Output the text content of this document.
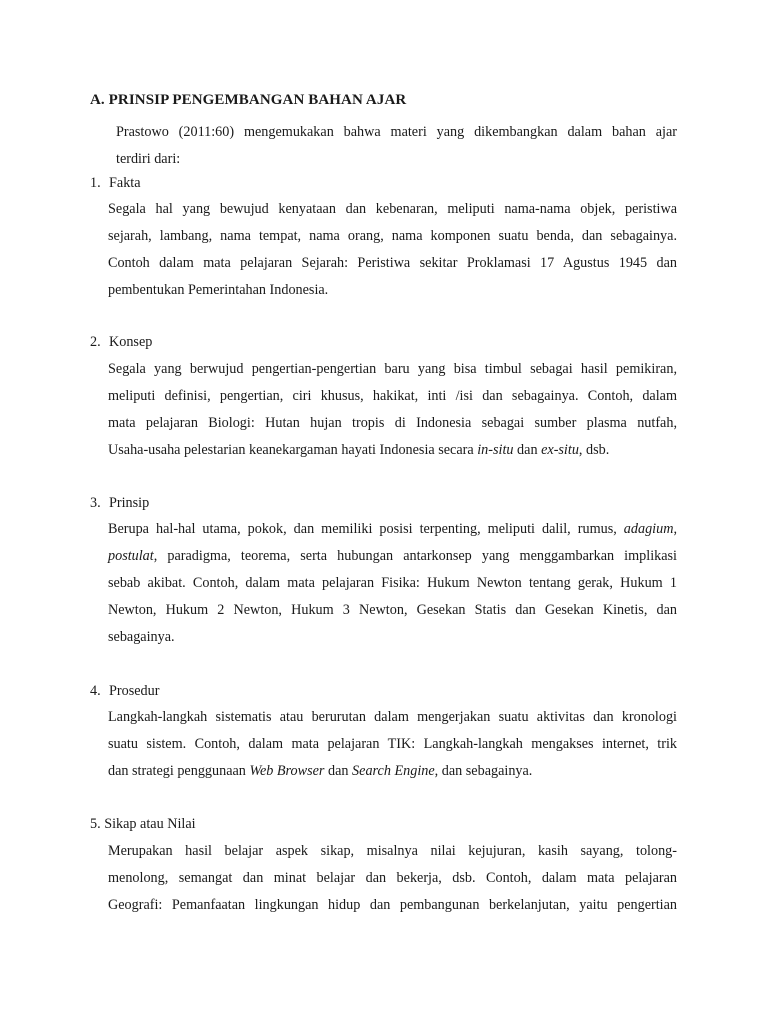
A. PRINSIP PENGEMBANGAN BAHAN AJAR
Prastowo (2011:60) mengemukakan bahwa materi yang dikembangkan dalam bahan ajar
terdiri dari:
1. Fakta
Segala hal yang bewujud kenyataan dan kebenaran, meliputi nama-nama objek, peristiwa
sejarah, lambang, nama tempat, nama orang, nama komponen suatu benda, dan sebagainya.
Contoh dalam mata pelajaran Sejarah: Peristiwa sekitar Proklamasi 17 Agustus 1945 dan
pembentukan Pemerintahan Indonesia.
2. Konsep
Segala yang berwujud pengertian-pengertian baru yang bisa timbul sebagai hasil pemikiran,
meliputi definisi, pengertian, ciri khusus, hakikat, inti /isi dan sebagainya. Contoh, dalam
mata pelajaran Biologi: Hutan hujan tropis di Indonesia sebagai sumber plasma nutfah,
Usaha-usaha pelestarian keanekargaman hayati Indonesia secara in-situ dan ex-situ, dsb.
3. Prinsip
Berupa hal-hal utama, pokok, dan memiliki posisi terpenting, meliputi dalil, rumus, adagium,
postulat, paradigma, teorema, serta hubungan antarkonsep yang menggambarkan implikasi
sebab akibat. Contoh, dalam mata pelajaran Fisika: Hukum Newton tentang gerak, Hukum 1
Newton, Hukum 2 Newton, Hukum 3 Newton, Gesekan Statis dan Gesekan Kinetis, dan
sebagainya.
4. Prosedur
Langkah-langkah sistematis atau berurutan dalam mengerjakan suatu aktivitas dan kronologi
suatu sistem. Contoh, dalam mata pelajaran TIK: Langkah-langkah mengakses internet, trik
dan strategi penggunaan Web Browser dan Search Engine, dan sebagainya.
5. Sikap atau Nilai
Merupakan hasil belajar aspek sikap, misalnya nilai kejujuran, kasih sayang, tolong-
menolong, semangat dan minat belajar dan bekerja, dsb. Contoh, dalam mata pelajaran
Geografi: Pemanfaatan lingkungan hidup dan pembangunan berkelanjutan, yaitu pengertian
